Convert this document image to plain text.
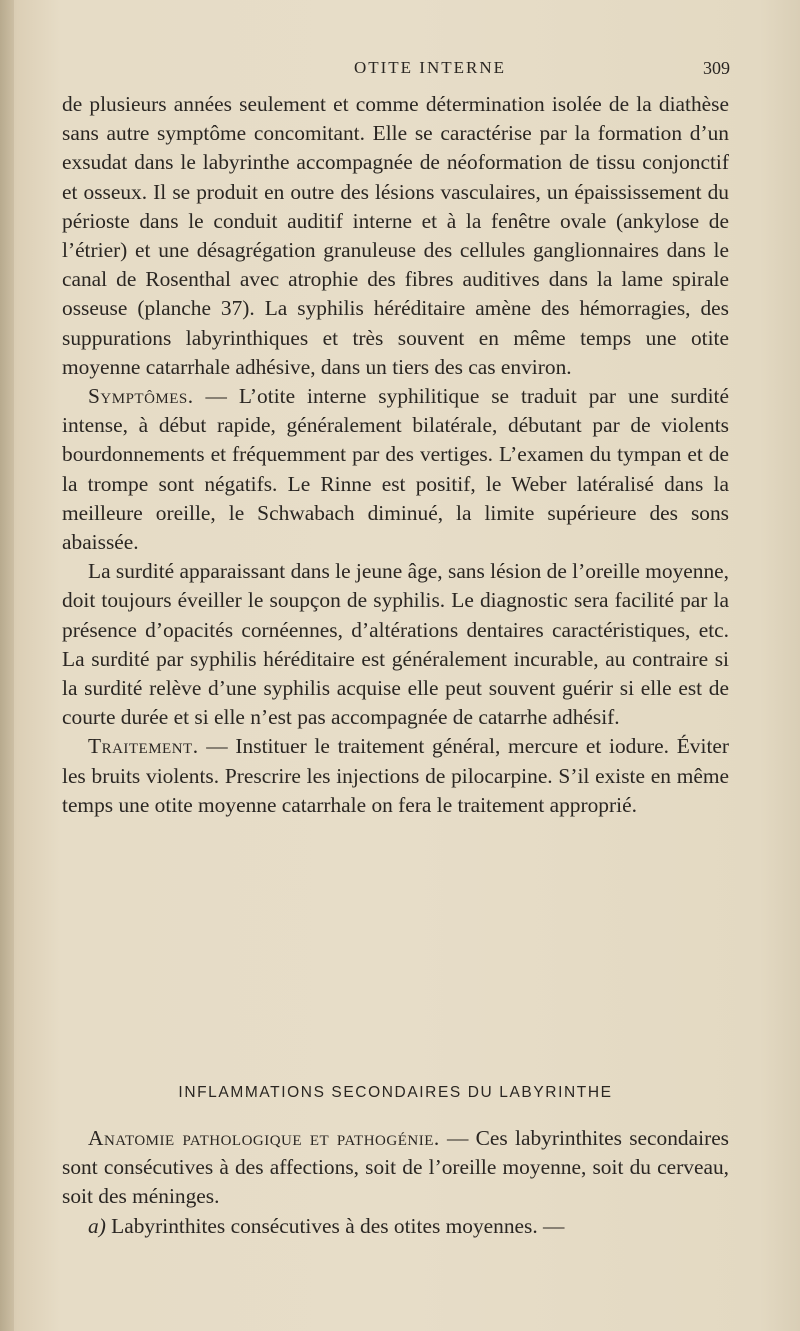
OTITE INTERNE	309

de plusieurs années seulement et comme détermination isolée de la diathèse sans autre symptôme concomitant. Elle se caractérise par la formation d’un exsudat dans le labyrinthe accompagnée de néoformation de tissu conjonctif et osseux. Il se produit en outre des lésions vasculaires, un épaississement du périoste dans le conduit auditif interne et à la fenêtre ovale (ankylose de l’étrier) et une désagrégation granuleuse des cellules ganglionnaires dans le canal de Rosenthal avec atrophie des fibres auditives dans la lame spirale osseuse (planche 37). La syphilis héréditaire amène des hémorragies, des suppurations labyrinthiques et très souvent en même temps une otite moyenne catarrhale adhésive, dans un tiers des cas environ.

Symptômes. — L’otite interne syphilitique se traduit par une surdité intense, à début rapide, généralement bilatérale, débutant par de violents bourdonnements et fréquemment par des vertiges. L’examen du tympan et de la trompe sont négatifs. Le Rinne est positif, le Weber latéralisé dans la meilleure oreille, le Schwabach diminué, la limite supérieure des sons abaissée.

La surdité apparaissant dans le jeune âge, sans lésion de l’oreille moyenne, doit toujours éveiller le soupçon de syphilis. Le diagnostic sera facilité par la présence d’opacités cornéennes, d’altérations dentaires caractéristiques, etc. La surdité par syphilis héréditaire est généralement incurable, au contraire si la surdité relève d’une syphilis acquise elle peut souvent guérir si elle est de courte durée et si elle n’est pas accompagnée de catarrhe adhésif.

Traitement. — Instituer le traitement général, mercure et iodure. Éviter les bruits violents. Prescrire les injections de pilocarpine. S’il existe en même temps une otite moyenne catarrhale on fera le traitement approprié.

INFLAMMATIONS SECONDAIRES DU LABYRINTHE

Anatomie pathologique et pathogénie. — Ces labyrinthites secondaires sont consécutives à des affections, soit de l’oreille moyenne, soit du cerveau, soit des méninges.

a) Labyrinthites consécutives à des otites moyennes. —
